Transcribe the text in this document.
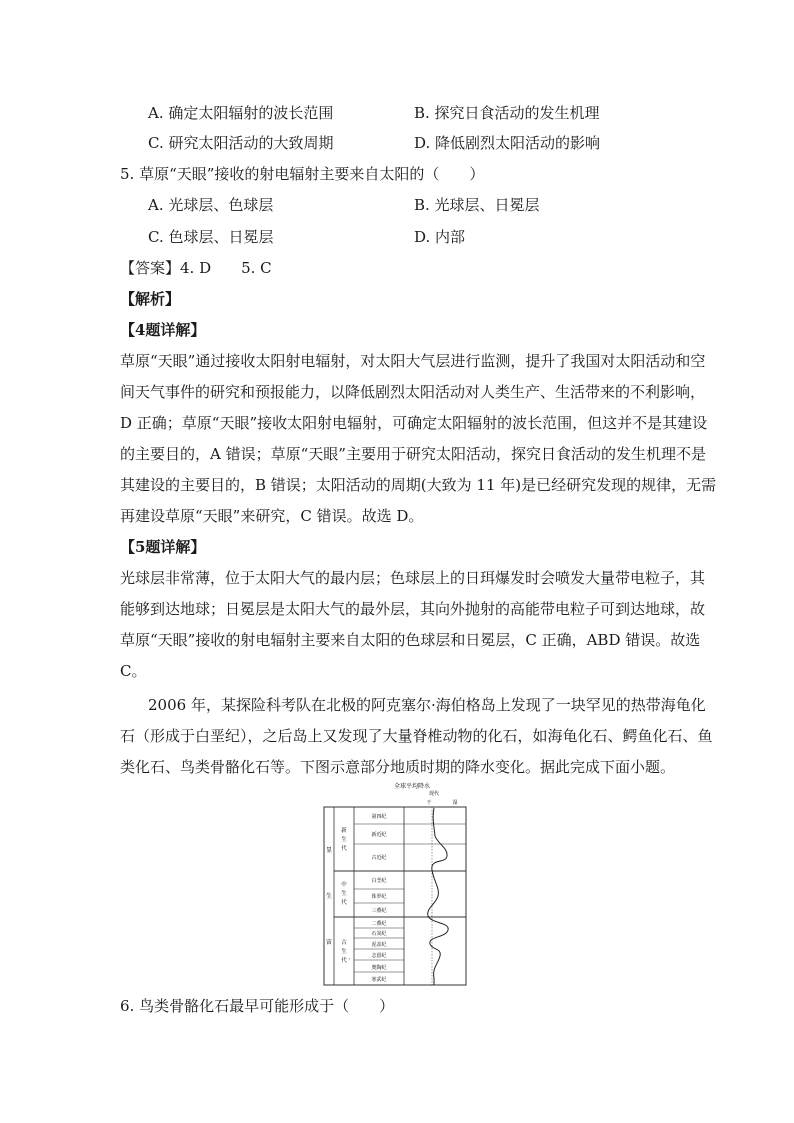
A. 确定太阳辐射的波长范围	B. 探究日食活动的发生机理
C. 研究太阳活动的大致周期	D. 降低剧烈太阳活动的影响
5. 草原“天眼”接收的射电辐射主要来自太阳的（　　）
A. 光球层、色球层	B. 光球层、日冕层
C. 色球层、日冕层	D. 内部
【答案】4. D　　5. C
【解析】
【4题详解】
草原“天眼”通过接收太阳射电辐射，对太阳大气层进行监测，提升了我国对太阳活动和空
间天气事件的研究和预报能力，以降低剧烈太阳活动对人类生产、生活带来的不利影响，
D 正确；草原“天眼”接收太阳射电辐射，可确定太阳辐射的波长范围，但这并不是其建设
的主要目的，A 错误；草原“天眼”主要用于研究太阳活动，探究日食活动的发生机理不是
其建设的主要目的，B 错误；太阳活动的周期(大致为 11 年)是已经研究发现的规律，无需
再建设草原“天眼”来研究，C 错误。故选 D。
【5题详解】
光球层非常薄，位于太阳大气的最内层；色球层上的日珥爆发时会喷发大量带电粒子，其
能够到达地球；日冕层是太阳大气的最外层，其向外抛射的高能带电粒子可到达地球，故
草原“天眼”接收的射电辐射主要来自太阳的色球层和日冕层，C 正确，ABD 错误。故选
C。
2006 年，某探险科考队在北极的阿克塞尔·海伯格岛上发现了一块罕见的热带海龟化
石（形成于白垩纪），之后岛上又发现了大量脊椎动物的化石，如海龟化石、鳄鱼化石、鱼
类化石、鸟类骨骼化石等。下图示意部分地质时期的降水变化。据此完成下面小题。
全球平均降水
现代
干	湿
显
生
宙
新
生
代
中
生
代
古
生
代
第四纪
新近纪
古近纪
白垩纪
侏罗纪
三叠纪
二叠纪
石炭纪
泥盆纪
志留纪
奥陶纪
寒武纪
、
6. 鸟类骨骼化石最早可能形成于（　　）
